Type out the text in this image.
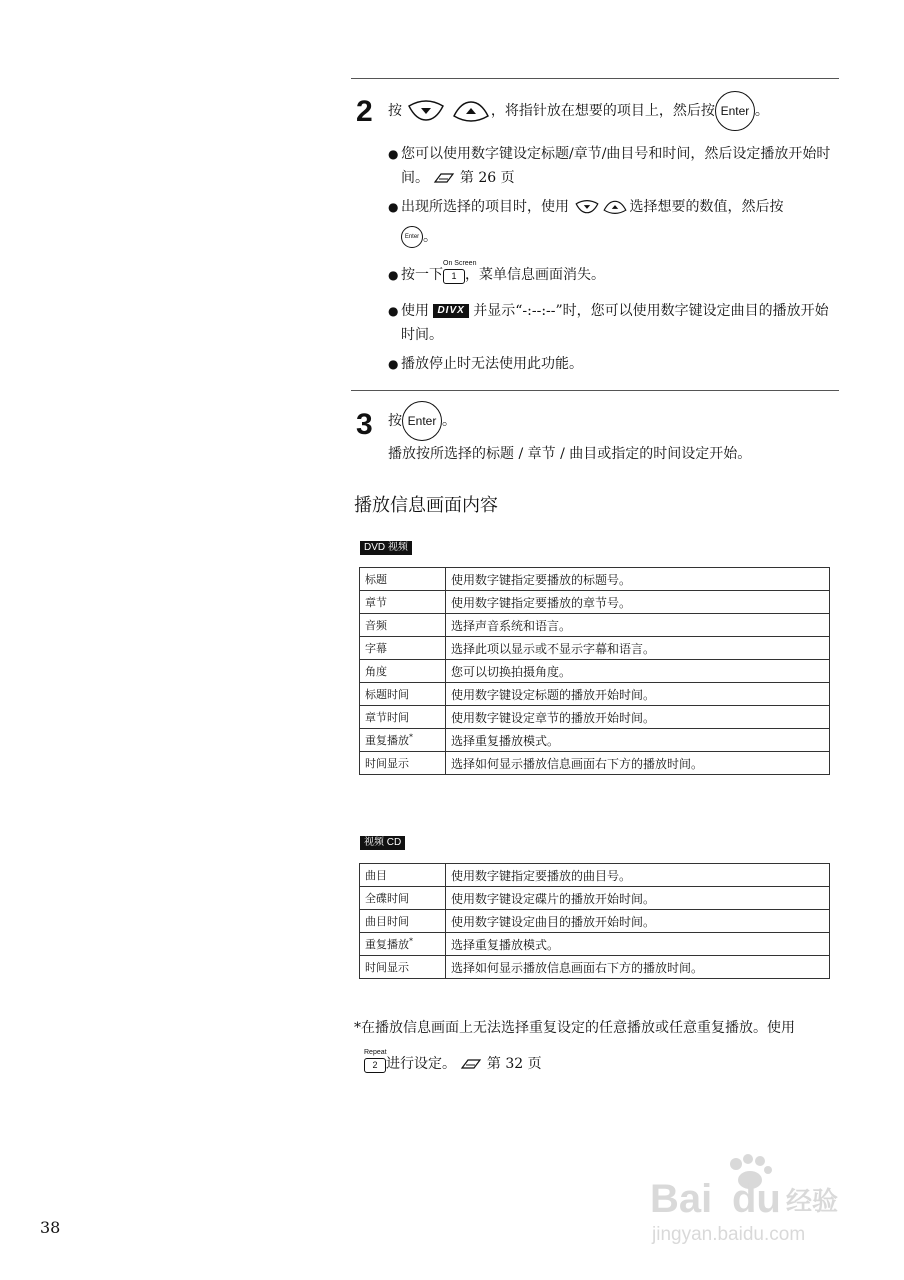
2 按	，将指针放在想要的项目上，然后按 Enter 。
● 您可以使用数字键设定标题/章节/曲目号和时间，然后设定播放开始时间。 第 26 页
● 出现所选择的项目时，使用	选择想要的数值，然后按
Enter 。
● 按一下
On Screen
1 ，菜单信息画面消失。
● 使用 DIVX 并显示“-:--:--”时，您可以使用数字键设定曲目的播放开始时间。
● 播放停止时无法使用此功能。
3 按 Enter 。
播放按所选择的标题 / 章节 / 曲目或指定的时间设定开始。
播放信息画面内容
DVD 视频
标题	使用数字键指定要播放的标题号。
章节	使用数字键指定要播放的章节号。
音频	选择声音系统和语言。
字幕	选择此项以显示或不显示字幕和语言。
角度	您可以切换拍摄角度。
标题时间	使用数字键设定标题的播放开始时间。
章节时间	使用数字键设定章节的播放开始时间。
重复播放*	选择重复播放模式。
时间显示	选择如何显示播放信息画面右下方的播放时间。
视频 CD
曲目	使用数字键指定要播放的曲目号。
全碟时间	使用数字键设定碟片的播放开始时间。
曲目时间	使用数字键设定曲目的播放开始时间。
重复播放*	选择重复播放模式。
时间显示	选择如何显示播放信息画面右下方的播放时间。
*在播放信息画面上无法选择重复设定的任意播放或任意重复播放。使用
Repeat
2 进行设定。 第 32 页
38
Bai du 经验
jingyan.baidu.com
